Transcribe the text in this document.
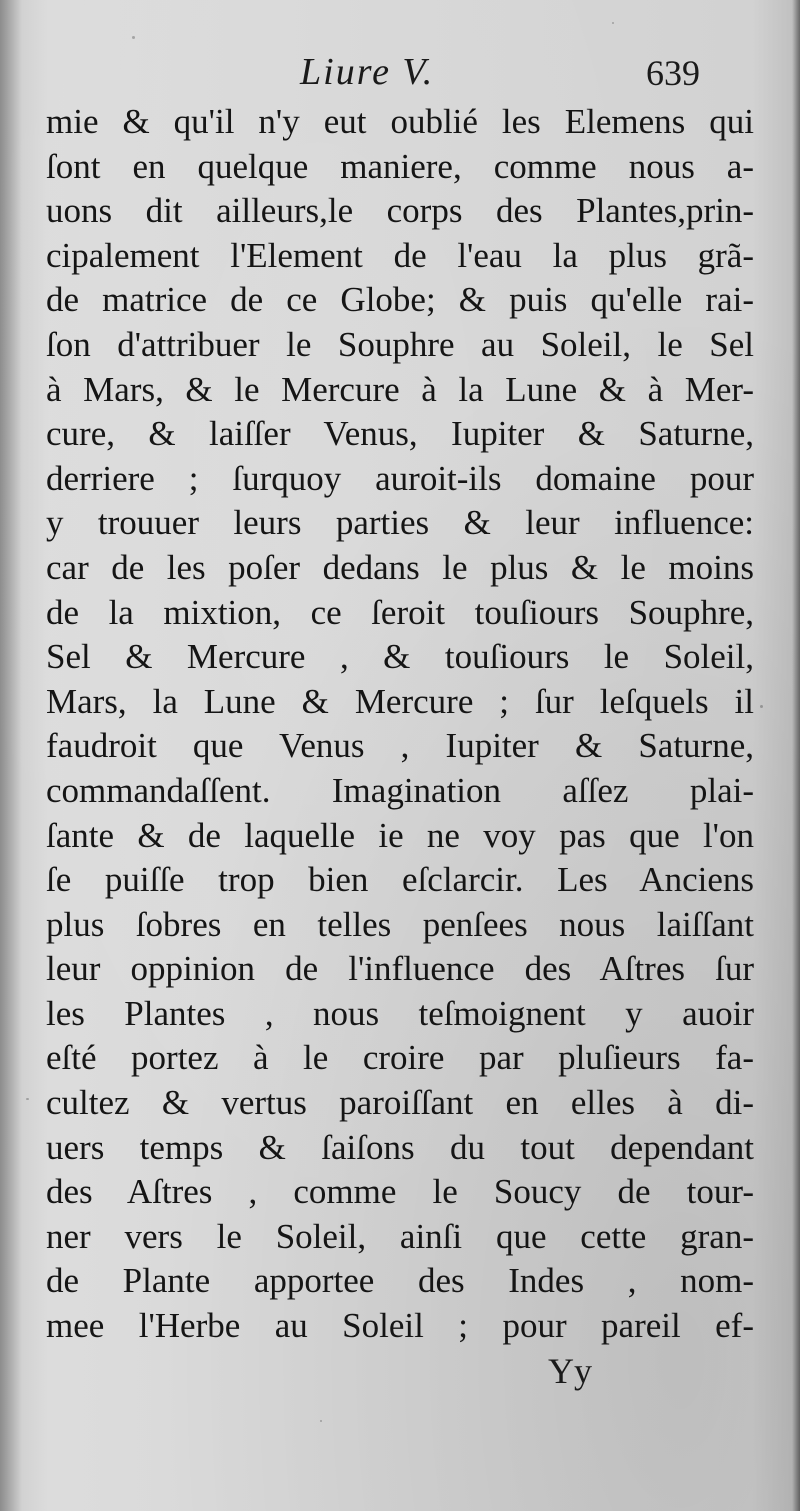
Liure V.	639
mie & qu'il n'y eut oublié les Elemens qui
ſont en quelque maniere, comme nous a-
uons dit ailleurs,le corps des Plantes,prin-
cipalement l'Element de l'eau la plus grã-
de matrice de ce Globe; & puis qu'elle rai-
ſon d'attribuer le Souphre au Soleil, le Sel
à Mars, & le Mercure à la Lune & à Mer-
cure, & laiſſer Venus, Iupiter & Saturne,
derriere ; ſurquoy auroit-ils domaine pour
y trouuer leurs parties & leur influence:
car de les poſer dedans le plus & le moins
de la mixtion, ce ſeroit touſiours Souphre,
Sel & Mercure , & touſiours le Soleil,
Mars, la Lune & Mercure ; ſur leſquels il
faudroit que Venus , Iupiter & Saturne,
commandaſſent. Imagination aſſez plai-
ſante & de laquelle ie ne voy pas que l'on
ſe puiſſe trop bien eſclarcir. Les Anciens
plus ſobres en telles penſees nous laiſſant
leur oppinion de l'influence des Aſtres ſur
les Plantes , nous teſmoignent y auoir
eſté portez à le croire par pluſieurs fa-
cultez & vertus paroiſſant en elles à di-
uers temps & ſaiſons du tout dependant
des Aſtres , comme le Soucy de tour-
ner vers le Soleil, ainſi que cette gran-
de Plante apportee des Indes , nom-
mee l'Herbe au Soleil ; pour pareil ef-
Yy
